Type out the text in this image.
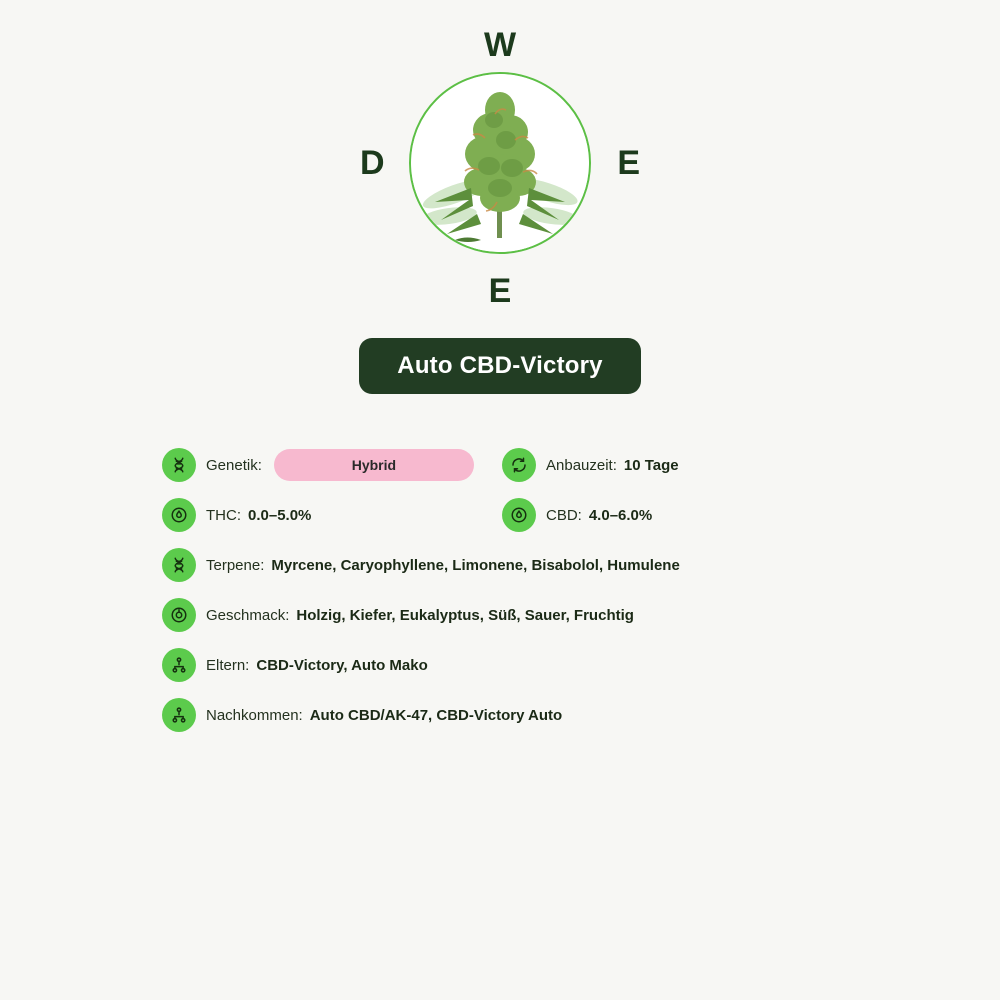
W
D	E
E
Auto CBD-Victory
Genetik:	Hybrid	Anbauzeit: 10 Tage
THC: 0.0–5.0%	CBD: 4.0–6.0%
Terpene: Myrcene, Caryophyllene, Limonene, Bisabolol, Humulene
Geschmack: Holzig, Kiefer, Eukalyptus, Süß, Sauer, Fruchtig
Eltern: CBD-Victory, Auto Mako
Nachkommen: Auto CBD/AK-47, CBD-Victory Auto
